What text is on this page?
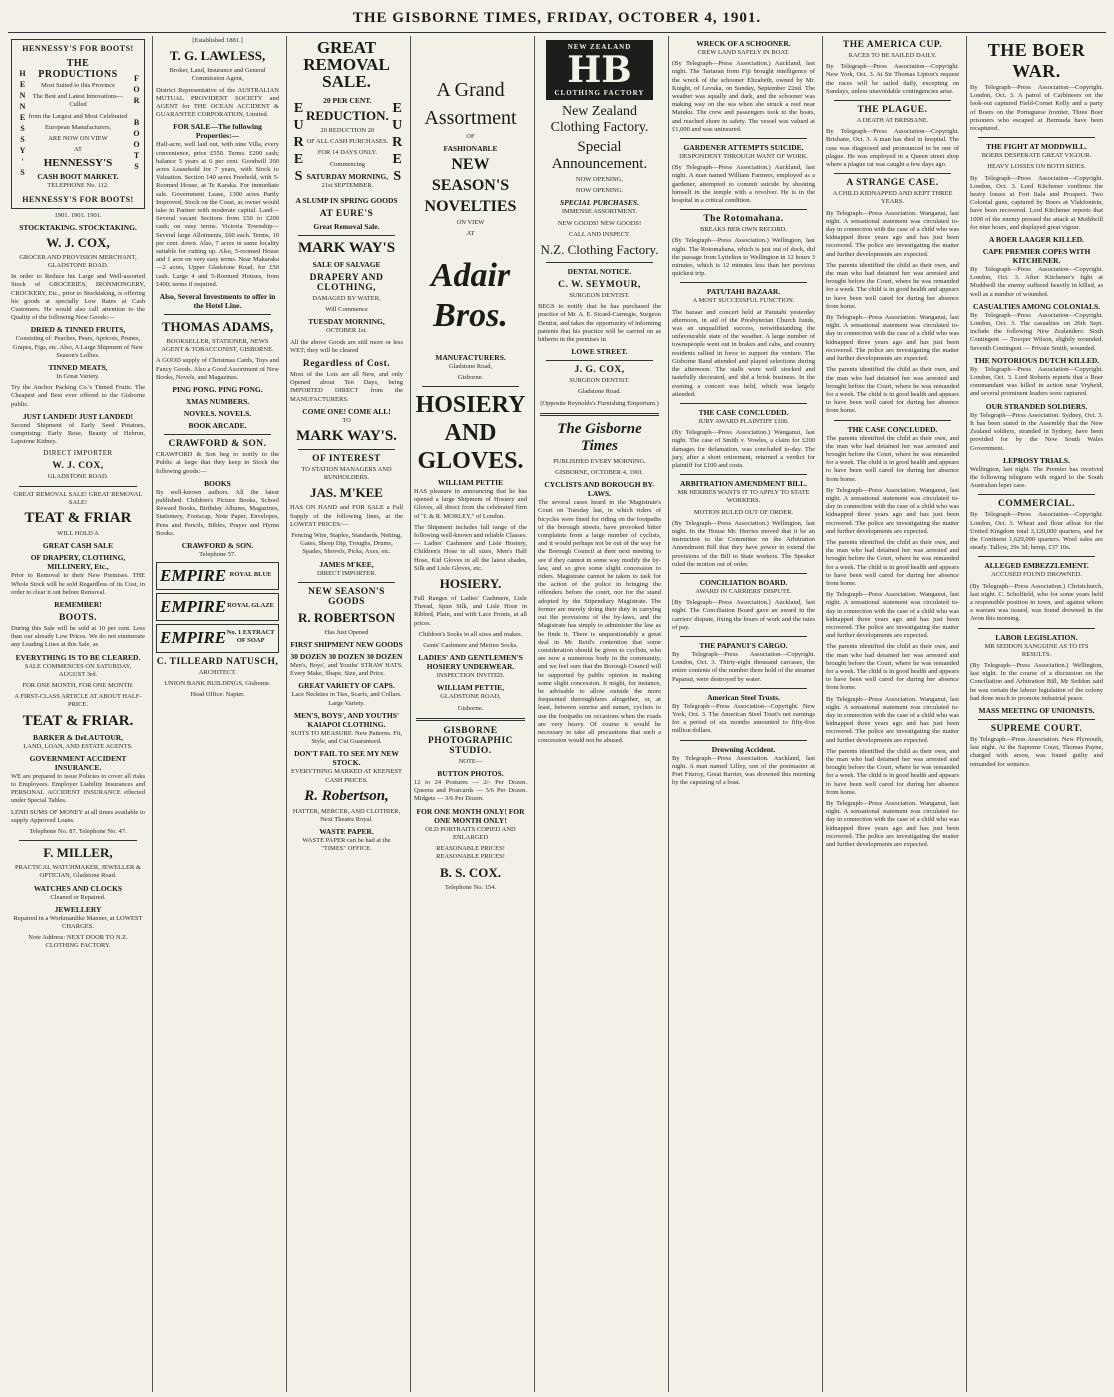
THE GISBORNE TIMES, FRIDAY, OCTOBER 4, 1901.
HENNESSY'S FOR BOOTS!
HENNESSY'S
THE PRODUCTIONS
Most Suited to this Province
The Best and Latest Innovations—Culled
from the Largest and Most Celebrated
European Manufacturers,
ARE NOW ON VIEW
AT
HENNESSY'S
CASH BOOT MARKET.
TELEPHONE No. 112.
FOR BOOTS
HENNESSY'S FOR BOOTS!
1901. 1901. 1901.
STOCKTAKING. STOCKTAKING.
W. J. COX,
GROCER AND PROVISION MERCHANT, GLADSTONE ROAD.
In order to Reduce his Large and Well-assorted Stock of GROCERIES, IRONMONGERY, CROCKERY, Etc., prior to Stocktaking, is offering his goods at specially Low Rates at Cash Customers. He would also call attention to the Quality of the following New Goods:—
DRIED & TINNED FRUITS,
Consisting of: Peaches, Pears, Apricots, Prunes, Grapes, Figs, etc. Also, A Large Shipment of New Season's Lollies.
TINNED MEATS,
In Great Variety.
Try the Anchor Packing Co.'s Tinned Fruits. The Cheapest and Best ever offered to the Gisborne public.
JUST LANDED! JUST LANDED!
Second Shipment of Early Seed Potatoes, comprising: Early Rose, Beauty of Hebron, Lapstone Kidney.
DIRECT IMPORTER
W. J. COX,
GLADSTONE ROAD.
GREAT REMOVAL SALE! GREAT REMOVAL SALE!
TEAT & FRIAR
WILL HOLD A
GREAT CASH SALE
OF DRAPERY, CLOTHING, MILLINERY, Etc.,
Prior to Removal to their New Premises. THE Whole Stock will be sold Regardless of its Cost, in order to clear it out before Removal.
REMEMBER!
BOOTS.
During this Sale will be sold at 10 per cent. Less than our already Low Prices. We do not enumerate any Leading Lines at this Sale, as
EVERYTHING IS TO BE CLEARED.
SALE COMMENCES ON SATURDAY, AUGUST 3rd.
FOR ONE MONTH, FOR ONE MONTH.
A FIRST-CLASS ARTICLE AT ABOUT HALF-PRICE.
TEAT & FRIAR.
BARKER & DeLAUTOUR,
LAND, LOAN, AND ESTATE AGENTS.
GOVERNMENT ACCIDENT INSURANCE.
WE are prepared to issue Policies to cover all risks to Employees. Employer Liability Insurances and PERSONAL ACCIDENT INSURANCE effected under Special Tables.
LEND SUMS OF MONEY at all times available to supply Approved Loans.
Telephone No. 87. Telephone No. 47.
F. MILLER,
PRACTICAL WATCHMAKER, JEWELLER & OPTICIAN, Gladstone Road.
WATCHES AND CLOCKS
Cleaned or Repaired.
JEWELLERY
Repaired in a Workmanlike Manner, at LOWEST CHARGES.
Note Address: NEXT DOOR TO N.Z. CLOTHING FACTORY.
[Established 1881.]
T. G. LAWLESS,
Broker, Land, Insurance and General Commission Agent,
District Representative of the AUSTRALIAN MUTUAL PROVIDENT SOCIETY and AGENT for THE OCEAN ACCIDENT & GUARANTEE CORPORATION, Limited.
FOR SALE—The following Properties:—
Half-acre, well laid out, with nine Villa, every convenience, price £550. Terms. £200 cash; balance 5 years at 6 per cent. Goodwill 200 acres Leasehold for 7 years, with Stock to Valuation. Section 140 acres Freehold, with 5-Roomed House, at Te Karaka. For immediate sale. Government Lease, 1300 acres Partly Improved, Stock on the Coast, as owner would take in Partner with moderate capital. Land—Several vacant Sections from £50 to £200 cash; on easy terms. Victoria Township—Several large Allotments, £60 each. Terms, 10 per cent. down. Also, 7 acres in same locality suitable for cutting up. Also, 5-roomed House and 1 acre on very easy terms. Near Makaraka—2 acres, Upper Gladstone Road, for £50 cash. Large 4 and 5-Roomed Houses, from £400; terms if required.
Also, Several Investments to offer in the Hotel Line.
THOMAS ADAMS,
BOOKSELLER, STATIONER, NEWS AGENT & TOBACCONIST, GISBORNE.
A GOOD supply of Christmas Cards, Toys and Fancy Goods. Also a Good Assortment of New Books, Novels, and Magazines.
PING PONG. PING PONG.
XMAS NUMBERS.
NOVELS. NOVELS.
BOOK ARCADE.
CRAWFORD & SON.
CRAWFORD & Son beg to notify to the Public at large that they keep in Stock the following goods:—
BOOKS
By well-known authors. All the latest published. Children's Picture Books, School Reward Books, Birthday Albums, Magazines, Stationery, Footscap, Note Paper, Envelopes, Pens and Pencils, Bibles, Prayer and Hymn Books.
CRAWFORD & SON.
Telephone 57.
EMPIRE ROYAL BLUE
EMPIRE ROYAL GLAZE
EMPIRE No. 1 EXTRACT OF SOAP
C. TILLEARD NATUSCH,
ARCHITECT.
UNION BANK BUILDINGS, Gisborne.
Head Office: Napier.
GREAT REMOVAL SALE.
EURES	20 PER CENT.
REDUCTION.
20 REDUCTION 20
OF ALL CASH PURCHASES.
FOR 14 DAYS ONLY.
Commencing
SATURDAY MORNING,
21st SEPTEMBER.	EURES
A SLUMP IN SPRING GOODS
AT EURE'S
Great Removal Sale.
MARK WAY'S
SALE OF SALVAGE
DRAPERY AND CLOTHING,
DAMAGED BY WATER,
Will Commence
TUESDAY MORNING,
OCTOBER 1st.
All the above Goods are still more or less WET; they will be cleared
Regardless of Cost.
Most of the Lots are all New, and only Opened about Ten Days, being IMPORTED DIRECT from the MANUFACTURERS.
COME ONE! COME ALL!
TO
MARK WAY'S.
OF INTEREST
TO STATION MANAGERS AND RUNHOLDERS.
JAS. M'KEE
HAS ON HAND and FOR SALE a Full Supply of the following lines, at the LOWEST PRICES:—
Fencing Wire, Staples, Standards, Netting, Gates, Sheep Dip, Troughs, Drums, Spades, Shovels, Picks, Axes, etc.
JAMES M'KEE,
DIRECT IMPORTER.
NEW SEASON'S GOODS
R. ROBERTSON
Has Just Opened
FIRST SHIPMENT NEW GOODS
30 DOZEN 30 DOZEN 30 DOZEN
Men's, Boys', and Youths' STRAW HATS. Every Make, Shape, Size, and Price.
GREAT VARIETY OF CAPS.
Lace Neckties in Ties, Scarfs, and Collars. Large Variety.
MEN'S, BOYS', AND YOUTHS' KAIAPOI CLOTHING.
SUITS TO MEASURE. New Patterns. Fit, Style, and Cut Guaranteed.
DON'T FAIL TO SEE MY NEW STOCK.
EVERYTHING MARKED AT KEENEST CASH PRICES.
R. Robertson,
HATTER, MERCER, AND CLOTHIER, Next Theatre Royal.
WASTE PAPER.
WASTE PAPER can be had at the "TIMES" OFFICE.
A Grand
Assortment
OF
FASHIONABLE
NEW
SEASON'S
NOVELTIES
ON VIEW
AT
Adair Bros.
MANUFACTURERS.
Gladstone Road,
Gisborne.
HOSIERY
AND GLOVES.
WILLIAM PETTIE
HAS pleasure in announcing that he has opened a large Shipment of Hosiery and Gloves, all direct from the celebrated firm of "I. & R. MORLEY," of London.
The Shipment includes full range of the following well-known and reliable Classes:— Ladies' Cashmere and Lisle Hosiery, Children's Hose in all sizes, Men's Half Hose, Kid Gloves in all the latest shades, Silk and Lisle Gloves, etc.
HOSIERY.
Full Ranges of Ladies' Cashmere, Lisle Thread, Spun Silk, and Lisle Hose in Ribbed, Plain, and with Lace Fronts, at all prices.
Children's Socks in all sizes and makes.
Gents' Cashmere and Merino Socks.
LADIES' AND GENTLEMEN'S HOSIERY UNDERWEAR.
INSPECTION INVITED.
WILLIAM PETTIE,
GLADSTONE ROAD,
Gisborne.
GISBORNE PHOTOGRAPHIC STUDIO.
NOTE—
BUTTON PHOTOS.
12 to 24 Postures — 2/- Per Dozen. Queens and Postcards — 5/6 Per Dozen. Midgets — 3/6 Per Dozen.
FOR ONE MONTH ONLY! FOR ONE MONTH ONLY!
OLD PORTRAITS COPIED AND ENLARGED
REASONABLE PRICES! REASONABLE PRICES!
B. S. COX.
Telephone No. 154.
NEW ZEALAND
HB
CLOTHING FACTORY
New Zealand Clothing Factory.
Special Announcement.
NOW OPENING,
NOW OPENING.
SPECIAL PURCHASES.
IMMENSE ASSORTMENT.
NEW GOODS! NEW GOODS!
CALL AND INSPECT.
N.Z. Clothing Factory.
DENTAL NOTICE.
C. W. SEYMOUR,
SURGEON DENTIST.
BEGS to notify that he has purchased the practice of Mr. A. E. Sicard-Carnegie, Surgeon Dentist, and takes the opportunity of informing patients that his practice will be carried on as hitherto in the premises in
LOWE STREET.
J. G. COX,
SURGEON DENTIST.
Gladstone Road.
(Opposite Reynolds's Furnishing Emporium.)
The Gisborne Times
PUBLISHED EVERY MORNING.
GISBORNE, OCTOBER 4, 1901.
CYCLISTS AND BOROUGH BY-LAWS.
The several cases heard in the Magistrate's Court on Tuesday last, in which riders of bicycles were fined for riding on the footpaths of the borough streets, have provoked bitter complaints from a large number of cyclists, and it would perhaps not be out of the way for the Borough Council at their next meeting to see if they cannot in some way modify the by-law, and so give some slight concession to riders. Magistrate cannot be taken to task for the action of the police in bringing the offenders before the court, nor for the stand adopted by the Stipendiary Magistrate. The former are merely doing their duty in carrying out the provisions of the by-laws, and the Magistrate has simply to administer the law as he finds it. There is unquestionably a great deal in Mr. Reid's contention that some consideration should be given to cyclists, who are now a numerous body in the community, and we feel sure that the Borough Council will be supported by public opinion in making some slight concession. It might, for instance, be advisable to allow outside the more frequented thoroughfares altogether, or, at least, between sunrise and sunset, cyclists to use the footpaths on occasions when the roads are very heavy. Of course it would be necessary to take all precautions that such a concession would not be abused.
WRECK OF A SCHOONER.
CREW LAND SAFELY IN BOAT.
(By Telegraph—Press Association.) Auckland, last night. The Tartaran from Fiji brought intelligence of the wreck of the schooner Elizabeth, owned by Mr. Knight, of Levuka, on Sunday, September 22nd. The weather was squally and dark, and the schooner was making way on the sea when she struck a reef near Matuku. The crew and passengers took to the boats, and reached shore in safety. The vessel was valued at £1,000 and was uninsured.
GARDENER ATTEMPTS SUICIDE.
DESPONDENT THROUGH WANT OF WORK.
(By Telegraph—Press Association.) Auckland, last night. A man named William Farmers, employed as a gardener, attempted to commit suicide by shooting himself in the temple with a revolver. He is in the hospital in a critical condition.
The Rotomahana.
BREAKS HER OWN RECORD.
(By Telegraph—Press Association.) Wellington, last night. The Rotomahana, which is just out of dock, did the passage from Lyttelton to Wellington in 12 hours 3 minutes, which is 12 minutes less than her previous quickest trip.
PATUTAHI BAZAAR.
A MOST SUCCESSFUL FUNCTION.
The bazaar and concert held at Patutahi yesterday afternoon, in aid of the Presbyterian Church funds, was an unqualified success, notwithstanding the unfavourable state of the weather. A large number of townspeople went out in brakes and cabs, and country residents rallied in force to support the venture. The Gisborne Band attended and played selections during the afternoon. The stalls were well stocked and tastefully decorated, and did a brisk business. In the evening a concert was held, which was largely attended.
THE CASE CONCLUDED.
JURY AWARD PLAINTIFF £100.
(By Telegraph—Press Association.) Wanganui, last night. The case of Smith v. Vowles, a claim for £200 damages for defamation, was concluded to-day. The jury, after a short retirement, returned a verdict for plaintiff for £100 and costs.
ARBITRATION AMENDMENT BILL.
MR HERRIES WANTS IT TO APPLY TO STATE WORKERS.
MOTION RULED OUT OF ORDER.
(By Telegraph—Press Association.) Wellington, last night. In the House Mr. Herries moved that it be an instruction to the Committee on the Arbitration Amendment Bill that they have power to extend the provisions of the Bill to State workers. The Speaker ruled the motion out of order.
CONCILIATION BOARD.
AWARD IN CARRIERS' DISPUTE.
[By Telegraph—Press Association.] Auckland, last night. The Conciliation Board gave an award in the carriers' dispute, fixing the hours of work and the rates of pay.
THE PAPANUI'S CARGO.
By Telegraph—Press Association—Copyright. London, Oct. 3. Thirty-eight thousand carcases, the entire contents of the number three hold of the steamer Papanui, were destroyed by water.
American Steel Trusts.
By Telegraph—Press Association—Copyright. New York, Oct. 3. The American Steel Trust's net earnings for a period of six months amounted to fifty-five million dollars.
Drowning Accident.
By Telegraph—Press Association. Auckland, last night. A man named Lilley, son of the postmaster at Port Fitzroy, Great Barrier, was drowned this morning by the capsizing of a boat.
THE AMERICA CUP.
RACES TO BE SAILED DAILY.
By Telegraph—Press Association—Copyright. New York, Oct. 3. At Sir Thomas Lipton's request the races will be sailed daily, excepting on Sundays, unless unavoidable contingencies arise.
THE PLAGUE.
A DEATH AT BRISBANE.
By Telegraph—Press Association—Copyright. Brisbane, Oct. 3. A man has died in hospital. The case was diagnosed and pronounced to be one of plague. He was employed in a Queen street shop where a plague rat was caught a few days ago.
A STRANGE CASE.
A CHILD KIDNAPPED AND KEPT THREE YEARS.
By Telegraph—Press Association. Wanganui, last night. A sensational statement was circulated to-day in connection with the case of a child who was kidnapped three years ago and has just been recovered. The police are investigating the matter and further developments are expected.
The parents identified the child as their own, and the man who had detained her was arrested and brought before the Court, where he was remanded for a week. The child is in good health and appears to have been well cared for during her absence from home.
By Telegraph—Press Association. Wanganui, last night. A sensational statement was circulated to-day in connection with the case of a child who was kidnapped three years ago and has just been recovered. The police are investigating the matter and further developments are expected.
The parents identified the child as their own, and the man who had detained her was arrested and brought before the Court, where he was remanded for a week. The child is in good health and appears to have been well cared for during her absence from home.
THE CASE CONCLUDED.
The parents identified the child as their own, and the man who had detained her was arrested and brought before the Court, where he was remanded for a week. The child is in good health and appears to have been well cared for during her absence from home.
By Telegraph—Press Association. Wanganui, last night. A sensational statement was circulated to-day in connection with the case of a child who was kidnapped three years ago and has just been recovered. The police are investigating the matter and further developments are expected.
The parents identified the child as their own, and the man who had detained her was arrested and brought before the Court, where he was remanded for a week. The child is in good health and appears to have been well cared for during her absence from home.
By Telegraph—Press Association. Wanganui, last night. A sensational statement was circulated to-day in connection with the case of a child who was kidnapped three years ago and has just been recovered. The police are investigating the matter and further developments are expected.
The parents identified the child as their own, and the man who had detained her was arrested and brought before the Court, where he was remanded for a week. The child is in good health and appears to have been well cared for during her absence from home.
By Telegraph—Press Association. Wanganui, last night. A sensational statement was circulated to-day in connection with the case of a child who was kidnapped three years ago and has just been recovered. The police are investigating the matter and further developments are expected.
The parents identified the child as their own, and the man who had detained her was arrested and brought before the Court, where he was remanded for a week. The child is in good health and appears to have been well cared for during her absence from home.
By Telegraph—Press Association. Wanganui, last night. A sensational statement was circulated to-day in connection with the case of a child who was kidnapped three years ago and has just been recovered. The police are investigating the matter and further developments are expected.
THE BOER WAR.
By Telegraph—Press Association—Copyright. London, Oct. 3. A patrol of Carbineers on the look-out captured Field-Cornet Kelly and a party of Boers on the Portuguese frontier. Three Boer prisoners who escaped at Bermuda have been recaptured.
THE FIGHT AT MODDWILL.
BOERS DESPERATE GREAT VIGOUR.
HEAVY LOSSES ON BOTH SIDES.
By Telegraph—Press Association—Copyright. London, Oct. 3. Lord Kitchener confirms the heavy losses at Fort Itala and Prospect. Two Colonial guns, captured by Boers at Vlakfontein, have been recovered. Lord Kitchener reports that 1000 of the enemy pressed the attack at Moddwill for nine hours, and displayed great vigour.
A BOER LAAGER KILLED.
CAPE PREMIER COPES WITH KITCHENER.
By Telegraph—Press Association—Copyright. London, Oct. 3. After Kitchener's fight at Moddwill the enemy suffered heavily in killed, as well as a number of wounded.
CASUALTIES AMONG COLONIALS.
By Telegraph—Press Association—Copyright. London, Oct. 3. The casualties on 26th Sept. include the following New Zealanders: Sixth Contingent — Trooper Wilson, slightly wounded. Seventh Contingent — Private Smith, wounded.
THE NOTORIOUS DUTCH KILLED.
By Telegraph—Press Association—Copyright. London, Oct. 3. Lord Roberts reports that a Boer commandant was killed in action near Vryheid, and several prominent leaders were captured.
OUR STRANDED SOLDIERS.
By Telegraph—Press Association. Sydney, Oct. 3. It has been stated in the Assembly that the New Zealand soldiers, stranded in Sydney, have been provided for by the New South Wales Government.
LEPROSY TRIALS.
Wellington, last night. The Premier has received the following telegram with regard to the South Australian leper case.
COMMERCIAL.
By Telegraph—Press Association—Copyright. London, Oct. 3. Wheat and flour afloat for the United Kingdom total 3,120,000 quarters, and for the Continent 1,620,000 quarters. Wool sales are steady. Tallow, 29s 3d; hemp, £37 10s.
ALLEGED EMBEZZLEMENT.
ACCUSED FOUND DROWNED.
(By Telegraph—Press Association.) Christchurch, last night. C. Scholfield, who for some years held a responsible position in town, and against whom a warrant was issued, was found drowned in the Avon this morning.
LABOR LEGISLATION.
MR SEDDON SANGUINE AS TO ITS RESULTS.
(By Telegraph—Press Association.) Wellington, last night. In the course of a discussion on the Conciliation and Arbitration Bill, Mr Seddon said he was certain the labour legislation of the colony had done much to promote industrial peace.
MASS MEETING OF UNIONISTS.
SUPREME COURT.
By Telegraph—Press Association. New Plymouth, last night. At the Supreme Court, Thomas Payne, charged with arson, was found guilty and remanded for sentence.
